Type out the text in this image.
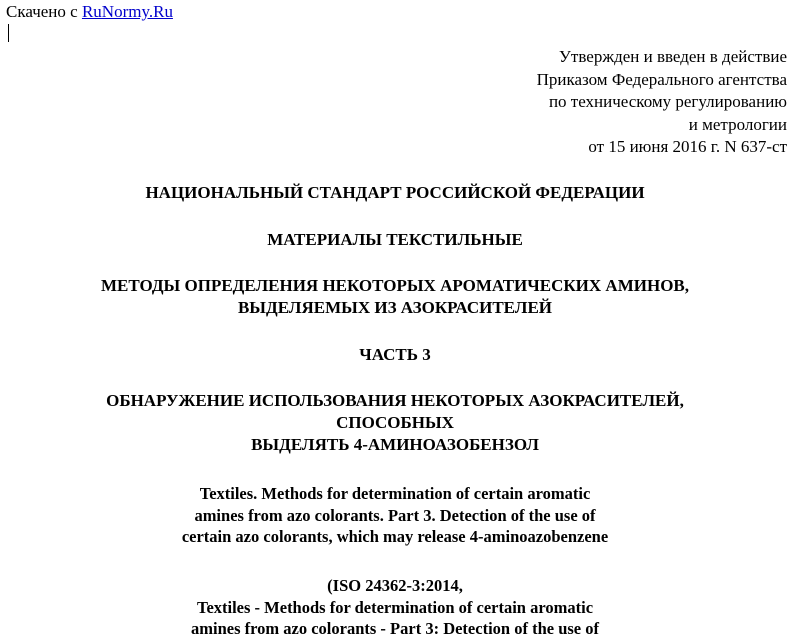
Скачено с RuNormy.Ru
Утвержден и введен в действие
Приказом Федерального агентства
по техническому регулированию
и метрологии
от 15 июня 2016 г. N 637-ст
НАЦИОНАЛЬНЫЙ СТАНДАРТ РОССИЙСКОЙ ФЕДЕРАЦИИ
МАТЕРИАЛЫ ТЕКСТИЛЬНЫЕ
МЕТОДЫ ОПРЕДЕЛЕНИЯ НЕКОТОРЫХ АРОМАТИЧЕСКИХ АМИНОВ,
ВЫДЕЛЯЕМЫХ ИЗ АЗОКРАСИТЕЛЕЙ
ЧАСТЬ 3
ОБНАРУЖЕНИЕ ИСПОЛЬЗОВАНИЯ НЕКОТОРЫХ АЗОКРАСИТЕЛЕЙ,
СПОСОБНЫХ
ВЫДЕЛЯТЬ 4-АМИНОАЗОБЕНЗОЛ
Textiles. Methods for determination of certain aromatic
amines from azo colorants. Part 3. Detection of the use of
certain azo colorants, which may release 4-aminoazobenzene
(ISO 24362-3:2014,
Textiles - Methods for determination of certain aromatic
amines from azo colorants - Part 3: Detection of the use of
